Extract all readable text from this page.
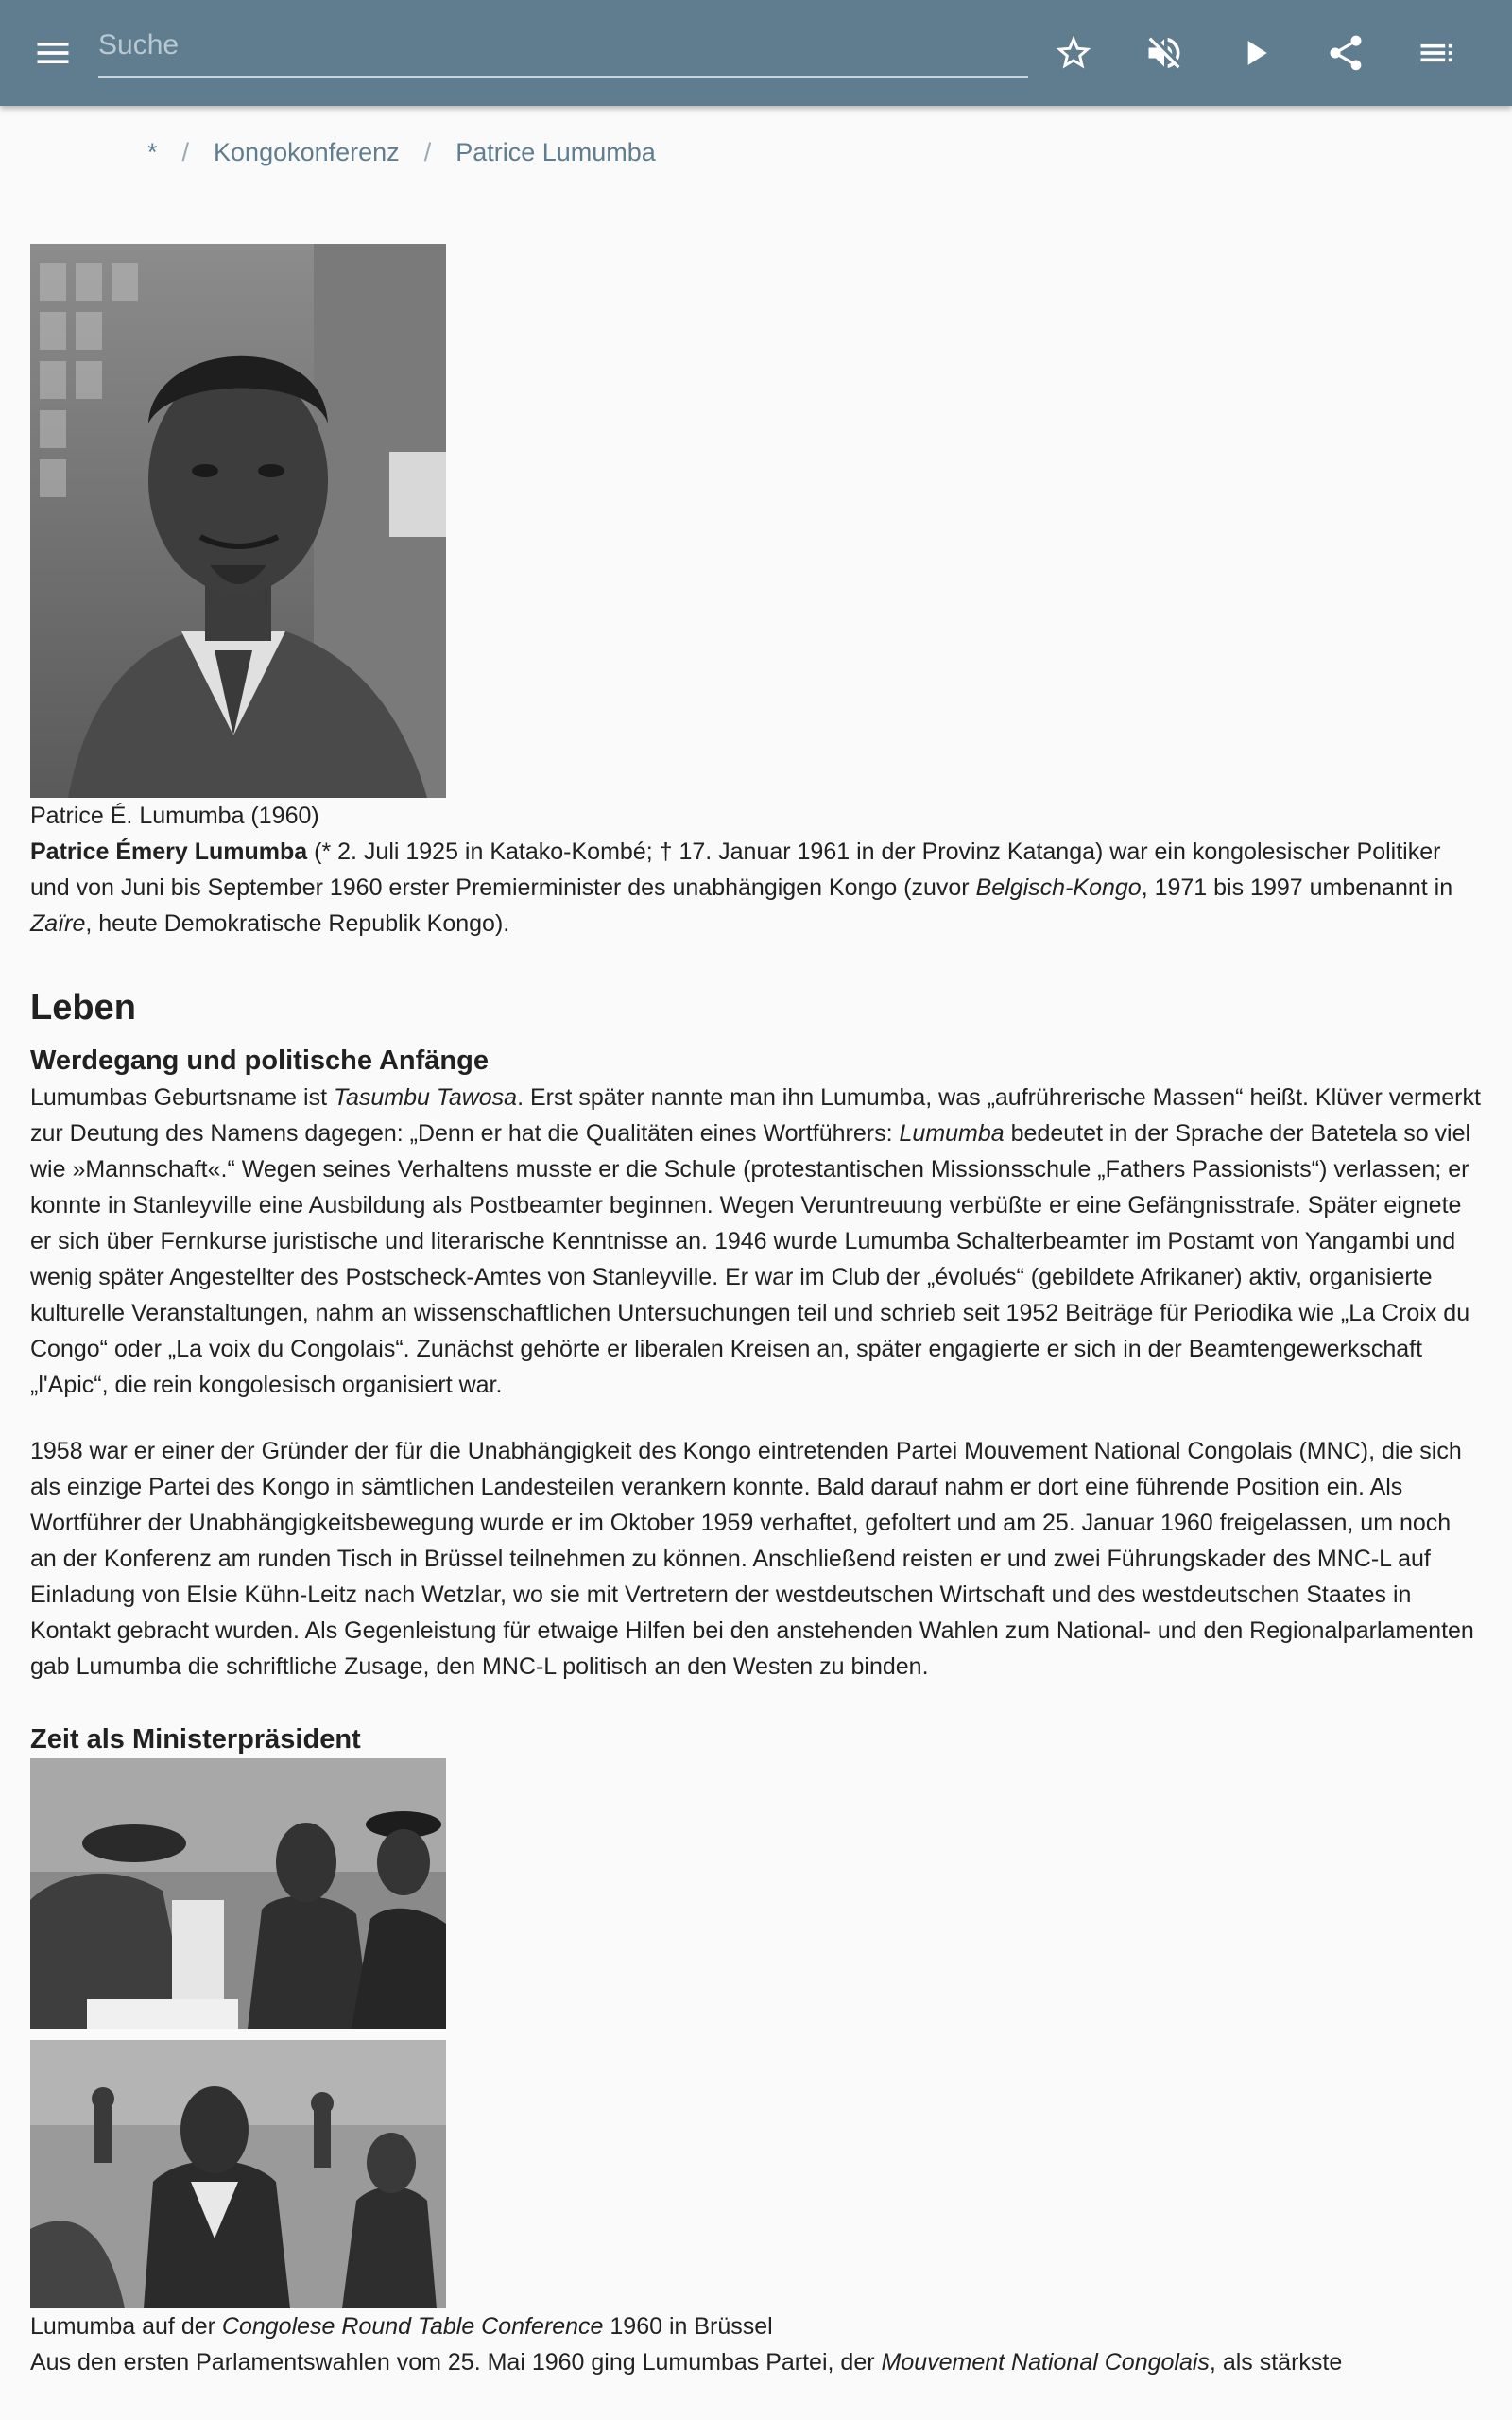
Suche
* / Kongokonferenz / Patrice Lumumba

Patrice É. Lumumba (1960)

Patrice Émery Lumumba (* 2. Juli 1925 in Katako-Kombé; † 17. Januar 1961 in der Provinz Katanga) war ein kongolesischer Politiker und von Juni bis September 1960 erster Premierminister des unabhängigen Kongo (zuvor Belgisch-Kongo, 1971 bis 1997 umbenannt in Zaïre, heute Demokratische Republik Kongo).

Leben
Werdegang und politische Anfänge

Lumumbas Geburtsname ist Tasumbu Tawosa. Erst später nannte man ihn Lumumba, was „aufrührerische Massen“ heißt. Klüver vermerkt zur Deutung des Namens dagegen: „Denn er hat die Qualitäten eines Wortführers: Lumumba bedeutet in der Sprache der Batetela so viel wie »Mannschaft«.“ Wegen seines Verhaltens musste er die Schule (protestantischen Missionsschule „Fathers Passionists“) verlassen; er konnte in Stanleyville eine Ausbildung als Postbeamter beginnen. Wegen Veruntreuung verbüßte er eine Gefängnisstrafe. Später eignete er sich über Fernkurse juristische und literarische Kenntnisse an. 1946 wurde Lumumba Schalterbeamter im Postamt von Yangambi und wenig später Angestellter des Postscheck-Amtes von Stanleyville. Er war im Club der „évolués“ (gebildete Afrikaner) aktiv, organisierte kulturelle Veranstaltungen, nahm an wissenschaftlichen Untersuchungen teil und schrieb seit 1952 Beiträge für Periodika wie „La Croix du Congo“ oder „La voix du Congolais“. Zunächst gehörte er liberalen Kreisen an, später engagierte er sich in der Beamtengewerkschaft „l'Apic“, die rein kongolesisch organisiert war.

1958 war er einer der Gründer der für die Unabhängigkeit des Kongo eintretenden Partei Mouvement National Congolais (MNC), die sich als einzige Partei des Kongo in sämtlichen Landesteilen verankern konnte. Bald darauf nahm er dort eine führende Position ein. Als Wortführer der Unabhängigkeitsbewegung wurde er im Oktober 1959 verhaftet, gefoltert und am 25. Januar 1960 freigelassen, um noch an der Konferenz am runden Tisch in Brüssel teilnehmen zu können. Anschließend reisten er und zwei Führungskader des MNC-L auf Einladung von Elsie Kühn-Leitz nach Wetzlar, wo sie mit Vertretern der westdeutschen Wirtschaft und des westdeutschen Staates in Kontakt gebracht wurden. Als Gegenleistung für etwaige Hilfen bei den anstehenden Wahlen zum National- und den Regionalparlamenten gab Lumumba die schriftliche Zusage, den MNC-L politisch an den Westen zu binden.

Zeit als Ministerpräsident

Lumumba auf der Congolese Round Table Conference 1960 in Brüssel

Aus den ersten Parlamentswahlen vom 25. Mai 1960 ging Lumumbas Partei, der Mouvement National Congolais, als stärkste
